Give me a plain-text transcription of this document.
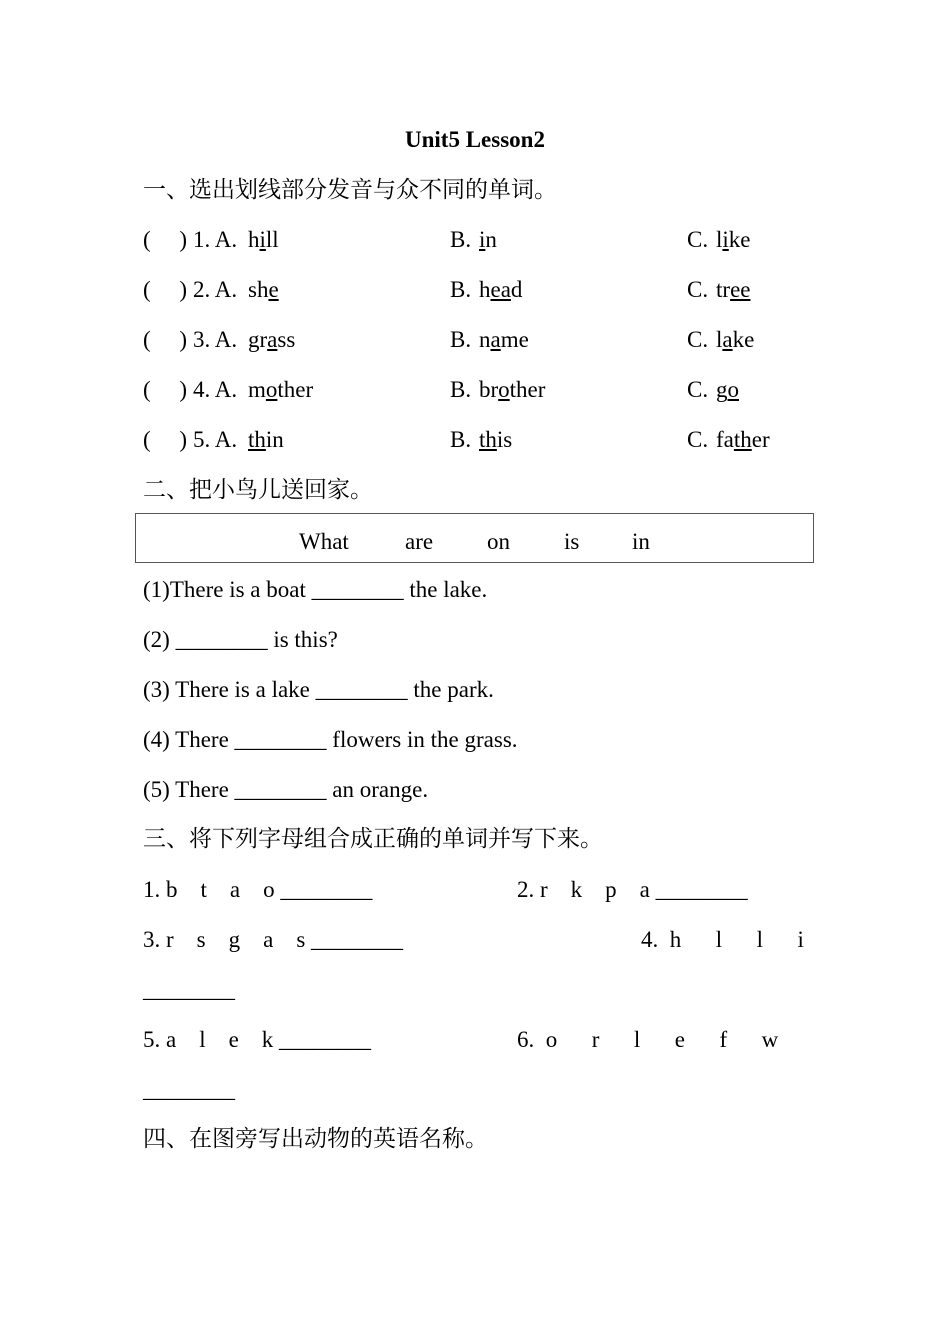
Unit5 Lesson2
一、选出划线部分发音与众不同的单词。
(     ) 1. A. hill	B. in	C. like
(     ) 2. A. she	B. head	C. tree
(     ) 3. A. grass	B. name	C. lake
(     ) 4. A. mother	B. brother	C. go
(     ) 5. A. thin	B. this	C. father
二、把小鸟儿送回家。
What are on is in
(1)There is a boat ________ the lake.
(2) ________ is this?
(3) There is a lake ________ the park.
(4) There ________ flowers in the grass.
(5) There ________ an orange.
三、将下列字母组合成正确的单词并写下来。
1. b    t    a    o ________	2. r    k    p    a ________
3. r    s    g    a    s ________	4.  h      l      l      i
________
5. a    l    e    k ________	6.  o      r      l      e      f      w
________
四、在图旁写出动物的英语名称。
